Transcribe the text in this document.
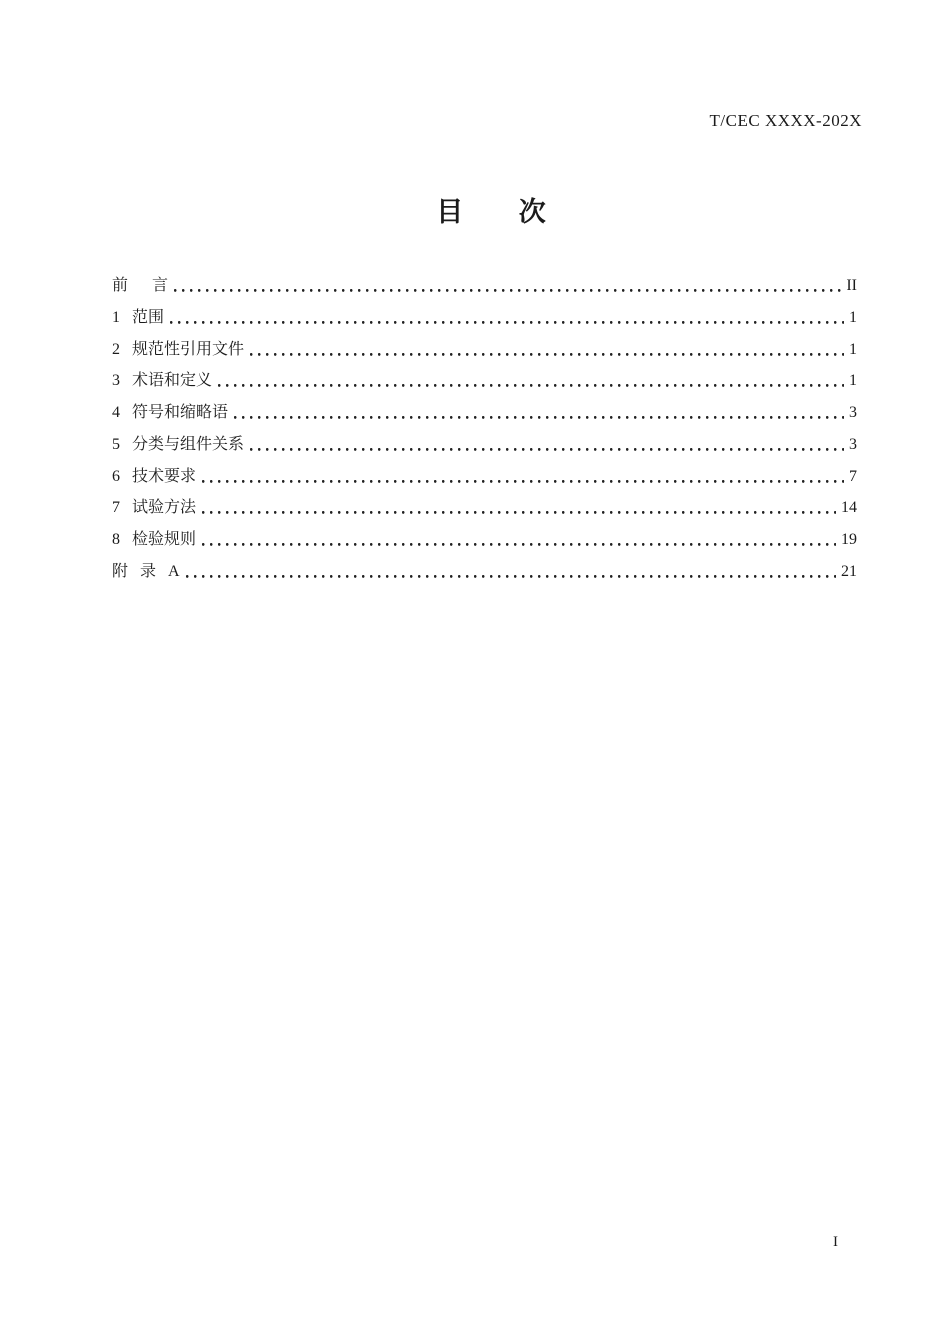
T/CEC XXXX-202X
目 次
前  言	II
1 范围	1
2 规范性引用文件	1
3 术语和定义	1
4 符号和缩略语	3
5 分类与组件关系	3
6 技术要求	7
7 试验方法	14
8 检验规则	19
附 录 A	21
I
